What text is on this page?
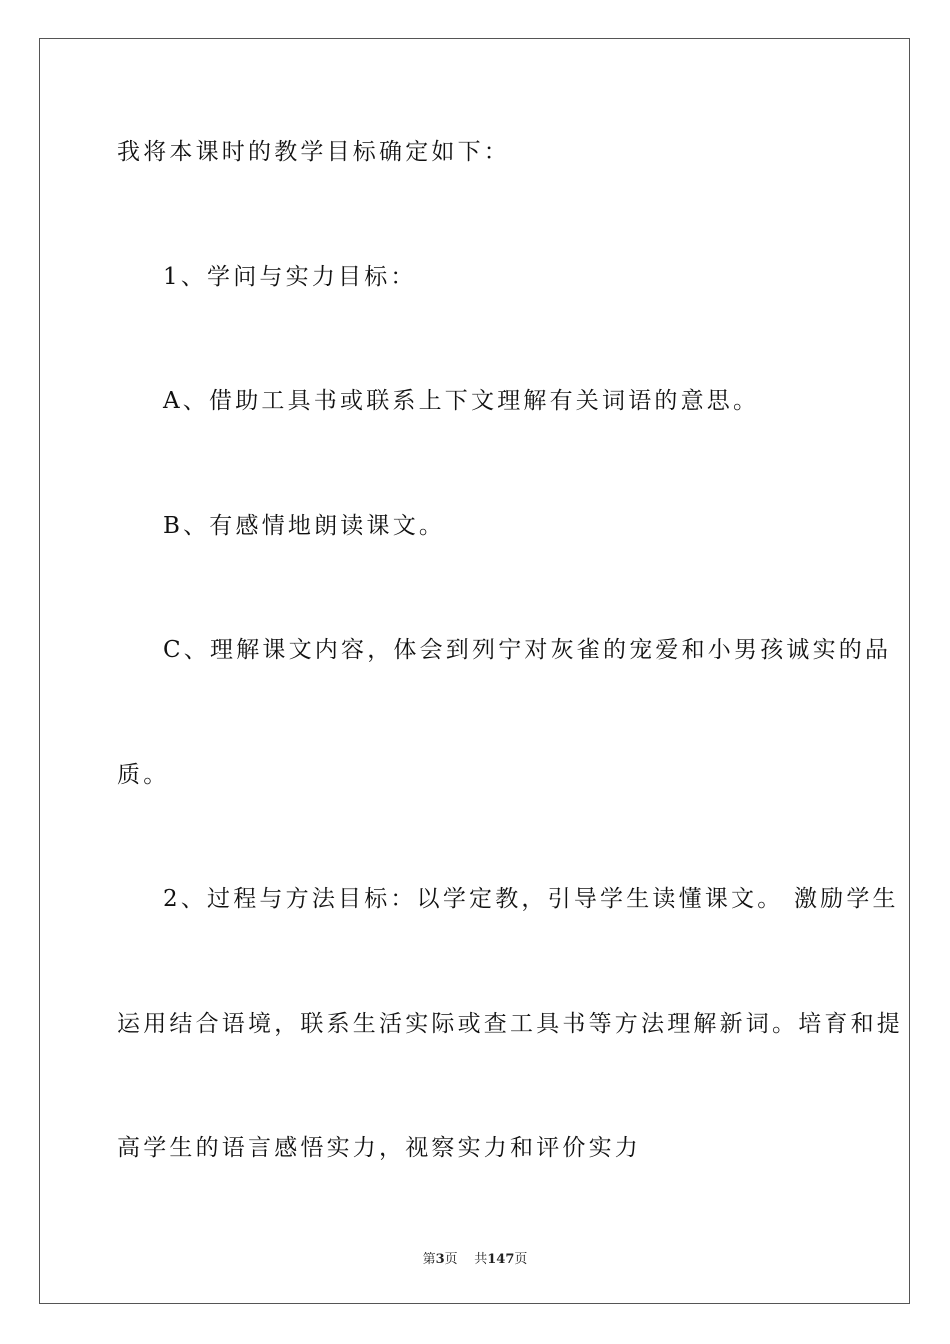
我将本课时的教学目标确定如下：
1、学问与实力目标：
A、借助工具书或联系上下文理解有关词语的意思。
B、有感情地朗读课文。
C、理解课文内容，体会到列宁对灰雀的宠爱和小男孩诚实的品
质。
2、过程与方法目标：以学定教，引导学生读懂课文。 激励学生
运用结合语境，联系生活实际或查工具书等方法理解新词。培育和提
高学生的语言感悟实力，视察实力和评价实力
第3页 共147页
